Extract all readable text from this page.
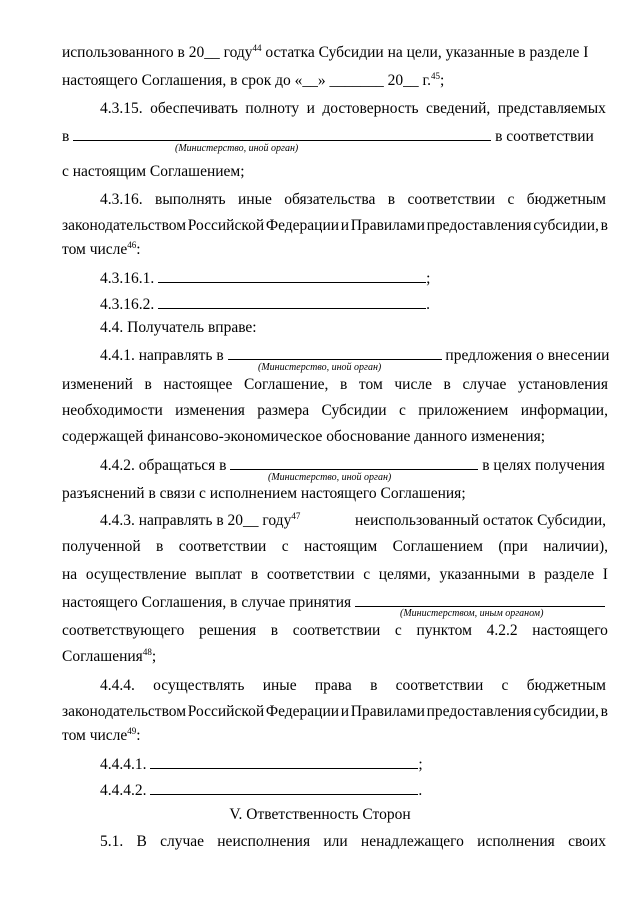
использованного в 20__ году$^{44}$ остатка Субсидии на цели, указанные в разделе I
настоящего Соглашения, в срок до «__» _______ 20__ г.$^{45}$;
4.3.15. обеспечивать полноту и достоверность сведений, представляемых
в	в соответствии
(Министерство, иной орган)
с настоящим Соглашением;
4.3.16. выполнять иные обязательства в соответствии с бюджетным
законодательством Российской Федерации и Правилами предоставления субсидии, в
том числе$^{46}$:
4.3.16.1.	;
4.3.16.2.	.
4.4. Получатель вправе:
4.4.1. направлять в	предложения о внесении
(Министерство, иной орган)
изменений в настоящее Соглашение, в том числе в случае установления
необходимости изменения размера Субсидии с приложением информации,
содержащей финансово-экономическое обоснование данного изменения;
4.4.2. обращаться в	в целях получения
(Министерство, иной орган)
разъяснений в связи с исполнением настоящего Соглашения;
4.4.3. направлять в 20__ году$^{47}$	неиспользованный остаток Субсидии,
полученной в соответствии с настоящим Соглашением (при наличии),
на осуществление выплат в соответствии с целями, указанными в разделе I
настоящего Соглашения, в случае принятия
(Министерством, иным органом)
соответствующего решения в соответствии с пунктом 4.2.2 настоящего
Соглашения$^{48}$;
4.4.4. осуществлять иные права в соответствии с бюджетным
законодательством Российской Федерации и Правилами предоставления субсидии, в
том числе$^{49}$:
4.4.4.1.	;
4.4.4.2.	.
V. Ответственность Сторон
5.1. В случае неисполнения или ненадлежащего исполнения своих
